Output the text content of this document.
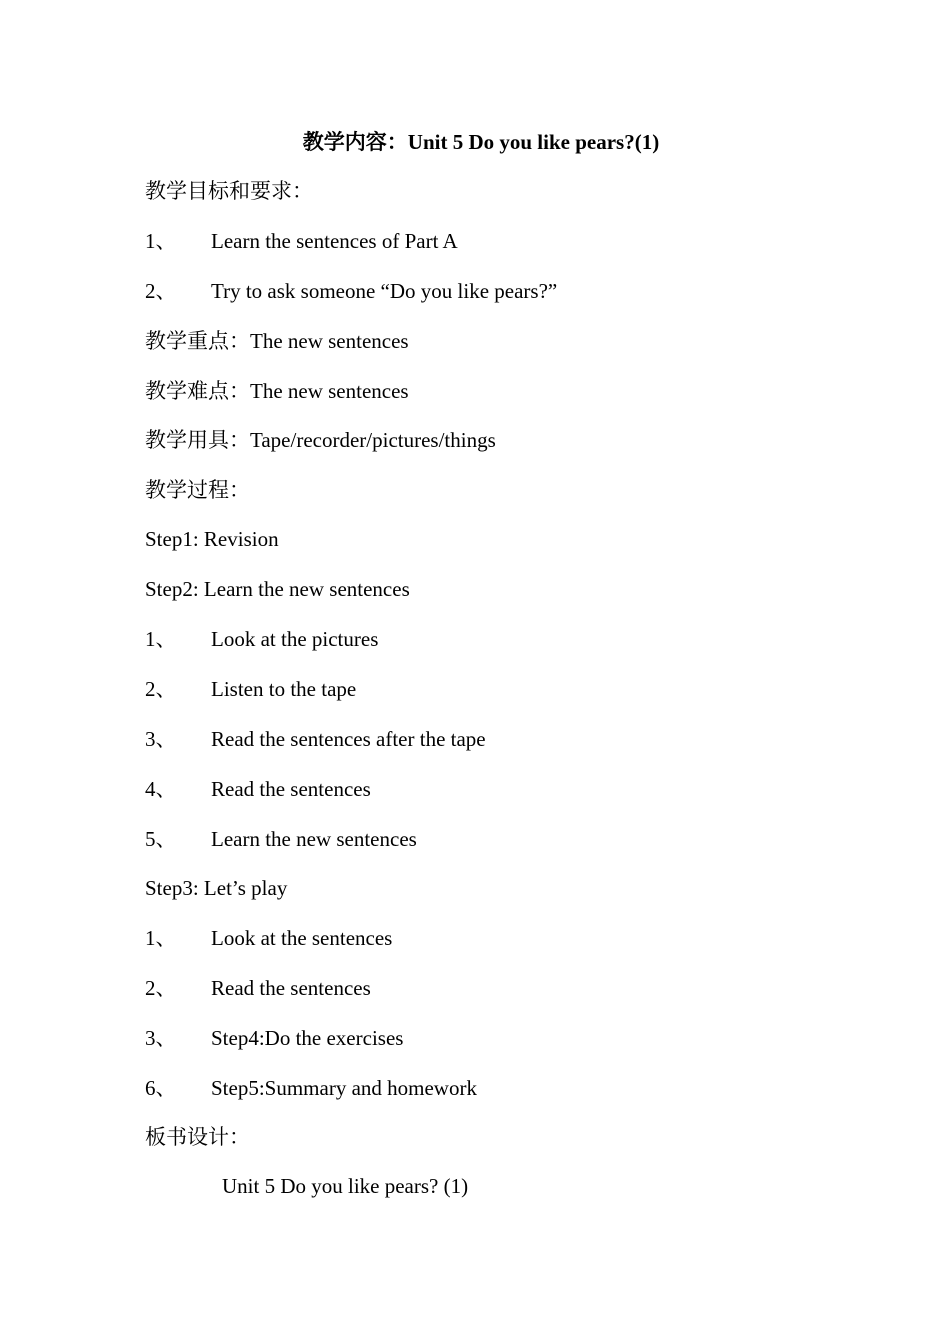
教学内容：Unit 5 Do you like pears?(1)
教学目标和要求：
1、 Learn the sentences of Part A
2、 Try to ask someone “Do you like pears?”
教学重点：The new sentences
教学难点：The new sentences
教学用具：Tape/recorder/pictures/things
教学过程：
Step1: Revision
Step2: Learn the new sentences
1、 Look at the pictures
2、 Listen to the tape
3、 Read the sentences after the tape
4、 Read the sentences
5、 Learn the new sentences
Step3: Let’s play
1、 Look at the sentences
2、 Read the sentences
3、 Step4:Do the exercises
6、 Step5:Summary and homework
板书设计：
Unit 5 Do you like pears? (1)
